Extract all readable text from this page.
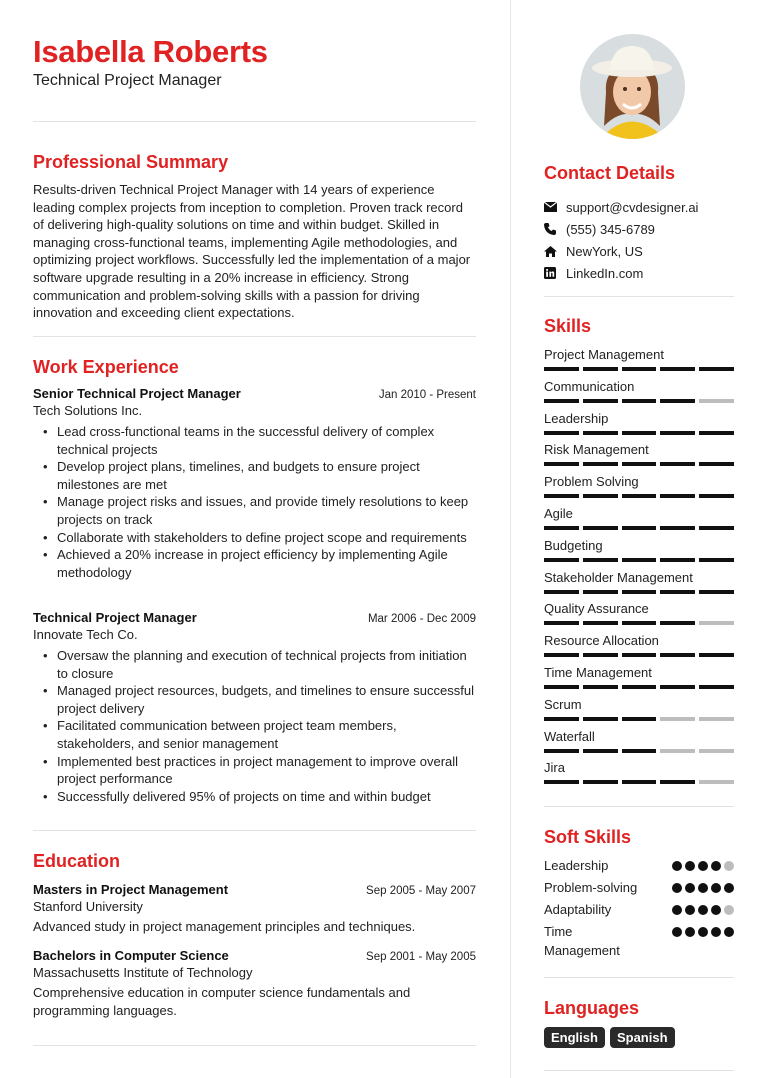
Isabella Roberts
Technical Project Manager
Professional Summary
Results-driven Technical Project Manager with 14 years of experience leading complex projects from inception to completion. Proven track record of delivering high-quality solutions on time and within budget. Skilled in managing cross-functional teams, implementing Agile methodologies, and optimizing project workflows. Successfully led the implementation of a major software upgrade resulting in a 20% increase in efficiency. Strong communication and problem-solving skills with a passion for driving innovation and exceeding client expectations.
Work Experience
Senior Technical Project Manager	Jan 2010 - Present
Tech Solutions Inc.
• Lead cross-functional teams in the successful delivery of complex technical projects
• Develop project plans, timelines, and budgets to ensure project milestones are met
• Manage project risks and issues, and provide timely resolutions to keep projects on track
• Collaborate with stakeholders to define project scope and requirements
• Achieved a 20% increase in project efficiency by implementing Agile methodology
Technical Project Manager	Mar 2006 - Dec 2009
Innovate Tech Co.
• Oversaw the planning and execution of technical projects from initiation to closure
• Managed project resources, budgets, and timelines to ensure successful project delivery
• Facilitated communication between project team members, stakeholders, and senior management
• Implemented best practices in project management to improve overall project performance
• Successfully delivered 95% of projects on time and within budget
Education
Masters in Project Management	Sep 2005 - May 2007
Stanford University
Advanced study in project management principles and techniques.
Bachelors in Computer Science	Sep 2001 - May 2005
Massachusetts Institute of Technology
Comprehensive education in computer science fundamentals and programming languages.
Contact Details
support@cvdesigner.ai
(555) 345-6789
NewYork, US
LinkedIn.com
Skills
Project Management
Communication
Leadership
Risk Management
Problem Solving
Agile
Budgeting
Stakeholder Management
Quality Assurance
Resource Allocation
Time Management
Scrum
Waterfall
Jira
Soft Skills
Leadership
Problem-solving
Adaptability
Time Management
Languages
English	Spanish
